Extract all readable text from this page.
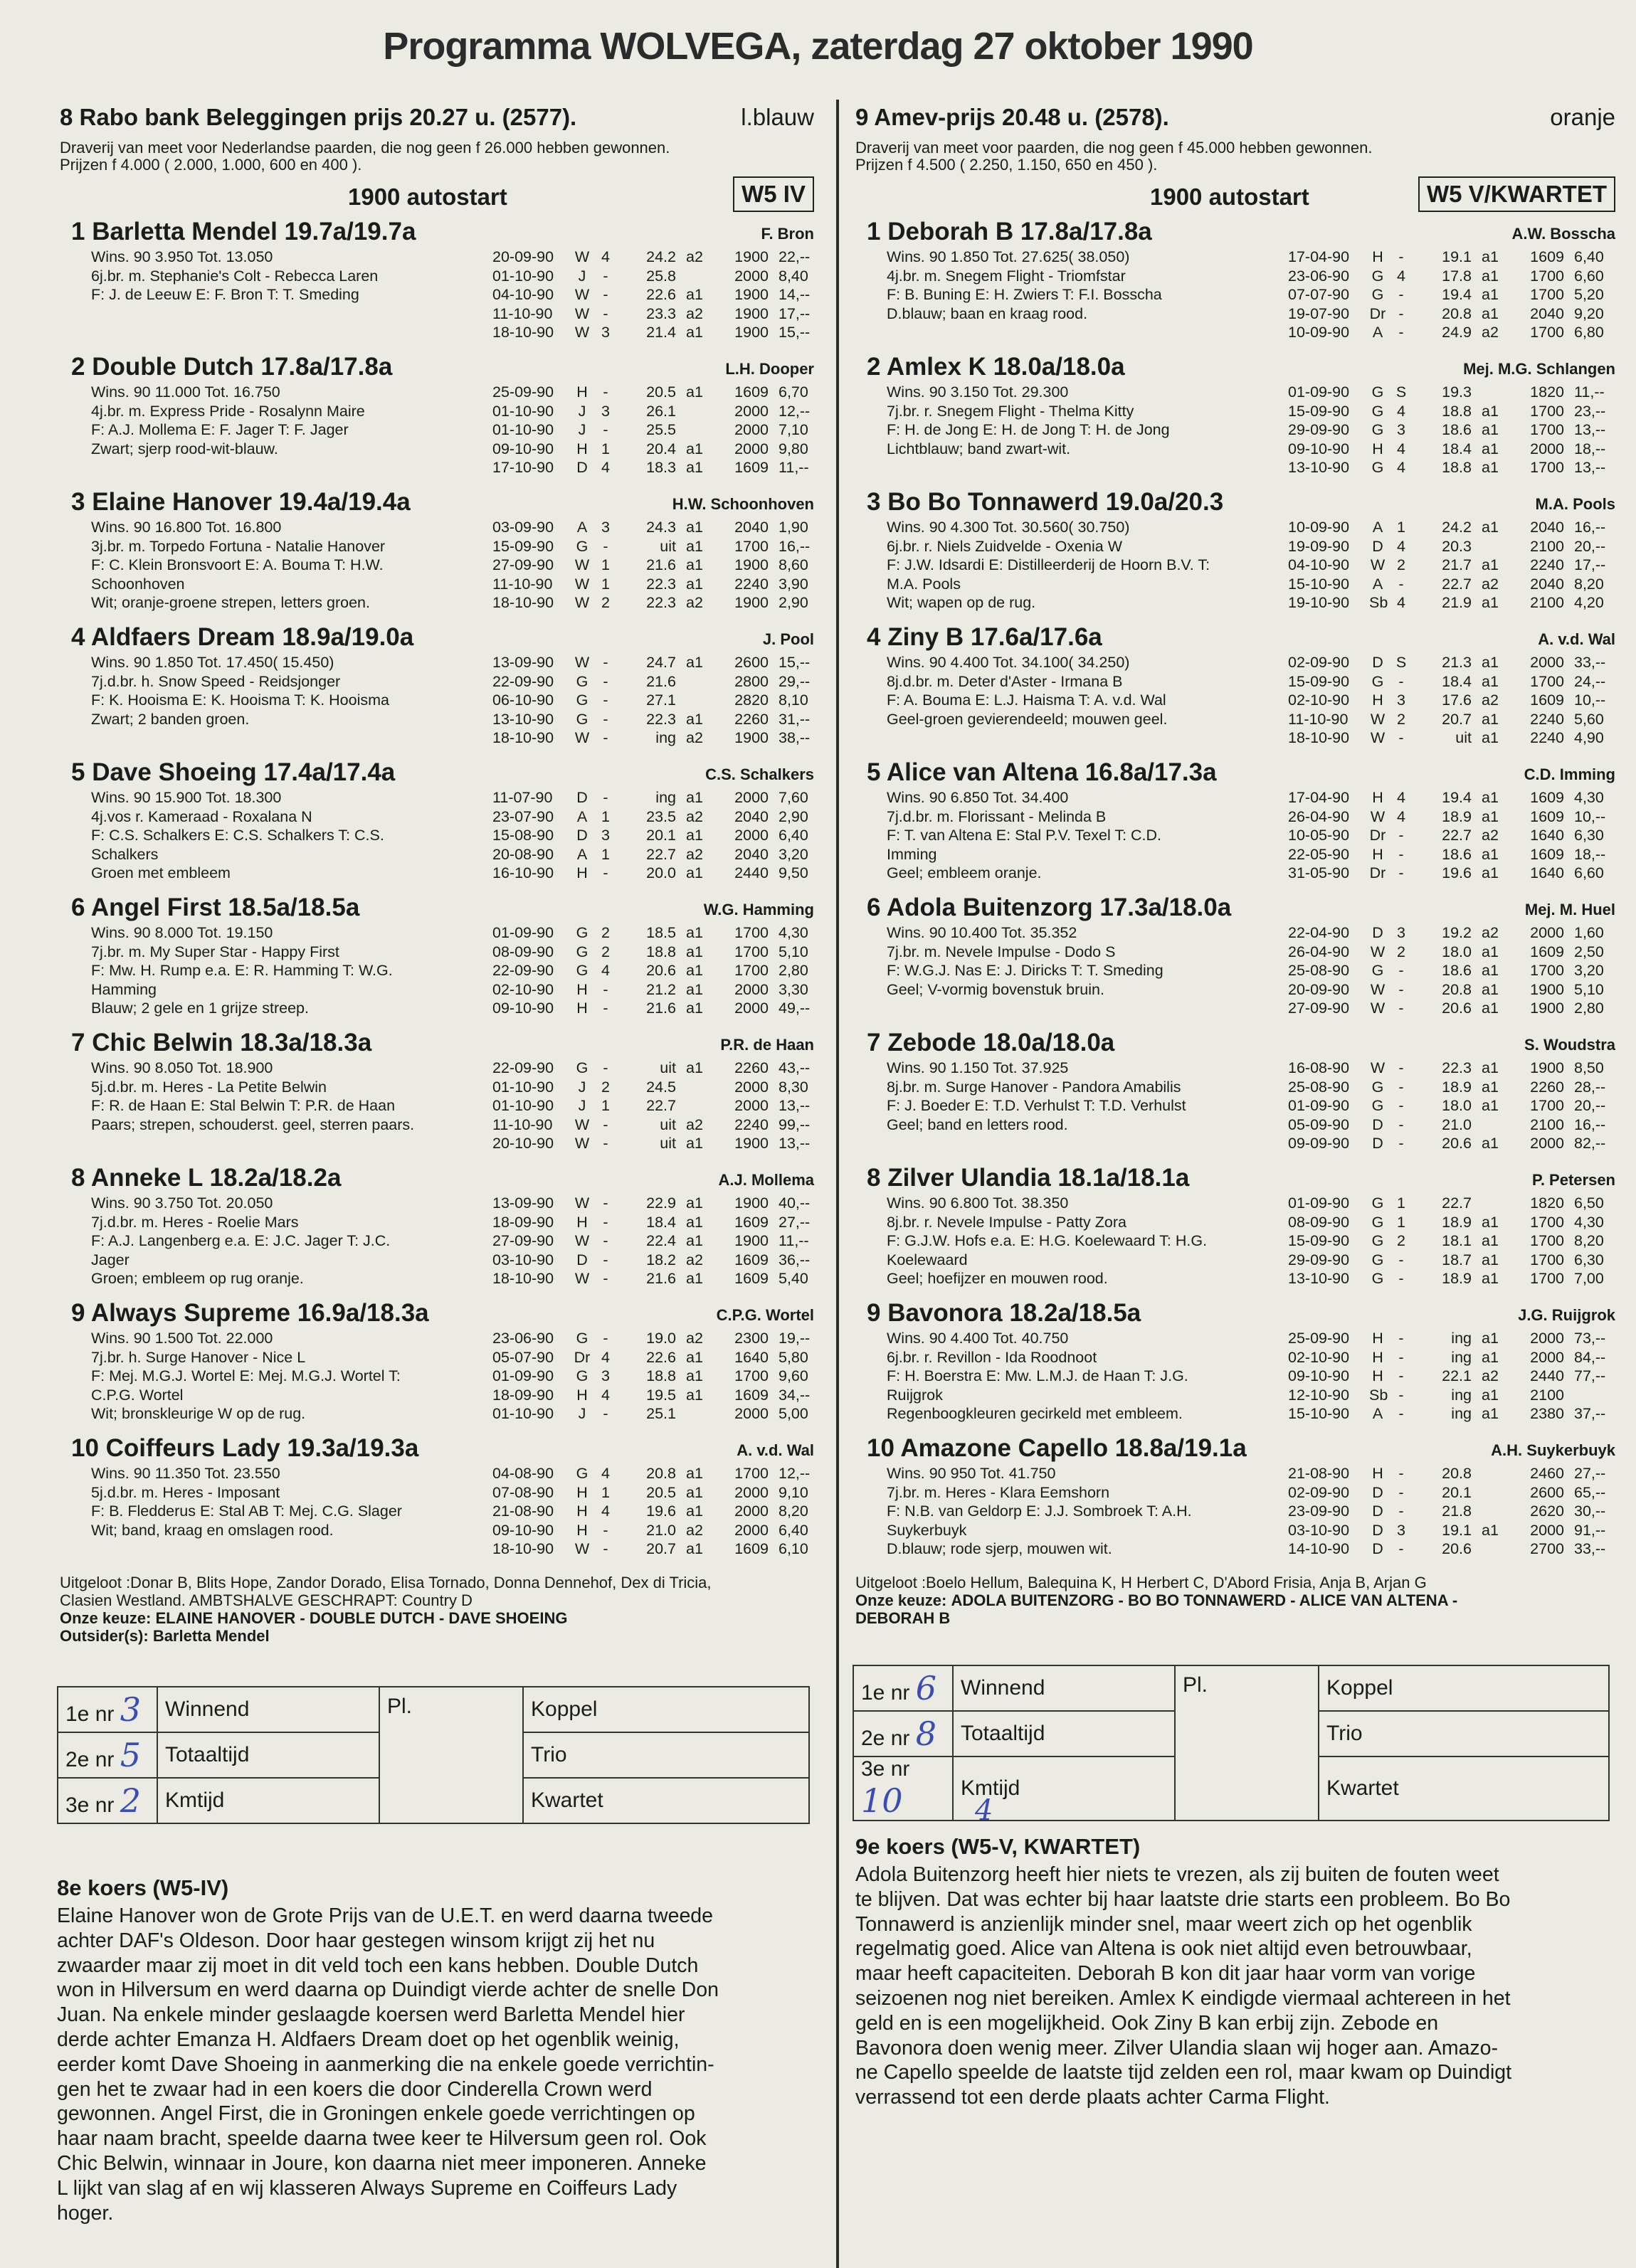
Programma WOLVEGA, zaterdag 27 oktober 1990
8 Rabo bank Beleggingen prijs 20.27 u. (2577).	l.blauw
Draverij van meet voor Nederlandse paarden, die nog geen f 26.000 hebben gewonnen.
Prijzen f 4.000 ( 2.000, 1.000, 600 en 400 ).
1900 autostart	W5 IV
1 Barletta Mendel 19.7a/19.7a	F. Bron
Wins. 90 3.950 Tot. 13.050
6j.br. m. Stephanie's Colt - Rebecca Laren
F: J. de Leeuw E: F. Bron T: T. Smeding
20-09-90 W 4	24.2 a2	1900 22,--
01-10-90	J	-	25.8	2000 8,40
04-10-90 W -	22.6 a1	1900 14,--
11-10-90 W -	23.3 a2	1900 17,--
18-10-90 W 3	21.4 a1	1900 15,--
2 Double Dutch 17.8a/17.8a	L.H. Dooper
Wins. 90 11.000 Tot. 16.750
4j.br. m. Express Pride - Rosalynn Maire
F: A.J. Mollema E: F. Jager T: F. Jager
Zwart; sjerp rood-wit-blauw.
25-09-90 H	-	20.5 a1	1609 6,70
01-10-90	J	3	26.1	2000 12,--
01-10-90	J	-	25.5	2000 7,10
09-10-90 H 1	20.4 a1	2000 9,80
17-10-90 D 4	18.3 a1	1609 11,--
3 Elaine Hanover 19.4a/19.4a	H.W. Schoonhoven
Wins. 90 16.800 Tot. 16.800
3j.br. m. Torpedo Fortuna - Natalie Hanover
F: C. Klein Bronsvoort E: A. Bouma T: H.W.
Schoonhoven
Wit; oranje-groene strepen, letters groen.
03-09-90 A 3	24.3 a1	2040 1,90
15-09-90 G -	uit a1	1700 16,--
27-09-90 W 1	21.6 a1	1900 8,60
11-10-90 W 1	22.3 a1	2240 3,90
18-10-90 W 2	22.3 a2	1900 2,90
4 Aldfaers Dream 18.9a/19.0a	J. Pool
Wins. 90 1.850 Tot. 17.450( 15.450)
7j.d.br. h. Snow Speed - Reidsjonger
F: K. Hooisma E: K. Hooisma T: K. Hooisma
Zwart; 2 banden groen.
13-09-90 W -	24.7 a1	2600 15,--
22-09-90 G -	21.6	2800 29,--
06-10-90 G -	27.1	2820 8,10
13-10-90 G -	22.3 a1	2260 31,--
18-10-90 W -	ing a2	1900 38,--
5 Dave Shoeing 17.4a/17.4a	C.S. Schalkers
Wins. 90 15.900 Tot. 18.300
4j.vos r. Kameraad - Roxalana N
F: C.S. Schalkers E: C.S. Schalkers T: C.S.
Schalkers
Groen met embleem
11-07-90 D	-	ing a1	2000 7,60
23-07-90 A 1	23.5 a2	2040 2,90
15-08-90 D 3	20.1 a1	2000 6,40
20-08-90 A 1	22.7 a2	2040 3,20
16-10-90 H	-	20.0 a1	2440 9,50
6 Angel First 18.5a/18.5a	W.G. Hamming
Wins. 90 8.000 Tot. 19.150
7j.br. m. My Super Star - Happy First
F: Mw. H. Rump e.a. E: R. Hamming T: W.G.
Hamming
Blauw; 2 gele en 1 grijze streep.
01-09-90 G 2	18.5 a1	1700 4,30
08-09-90 G 2	18.8 a1	1700 5,10
22-09-90 G 4	20.6 a1	1700 2,80
02-10-90 H	-	21.2 a1	2000 3,30
09-10-90 H	-	21.6 a1	2000 49,--
7 Chic Belwin 18.3a/18.3a	P.R. de Haan
Wins. 90 8.050 Tot. 18.900
5j.d.br. m. Heres - La Petite Belwin
F: R. de Haan E: Stal Belwin T: P.R. de Haan
Paars; strepen, schouderst. geel, sterren paars.
22-09-90 G -	uit a1	2260 43,--
01-10-90	J	2	24.5	2000 8,30
01-10-90	J	1	22.7	2000 13,--
11-10-90 W -	uit a2	2240 99,--
20-10-90 W -	uit a1	1900 13,--
8 Anneke L 18.2a/18.2a	A.J. Mollema
Wins. 90 3.750 Tot. 20.050
7j.d.br. m. Heres - Roelie Mars
F: A.J. Langenberg e.a. E: J.C. Jager T: J.C.
Jager
Groen; embleem op rug oranje.
13-09-90 W -	22.9 a1	1900 40,--
18-09-90 H	-	18.4 a1	1609 27,--
27-09-90 W -	22.4 a1	1900 11,--
03-10-90 D	-	18.2 a2	1609 36,--
18-10-90 W -	21.6 a1	1609 5,40
9 Always Supreme 16.9a/18.3a	C.P.G. Wortel
Wins. 90 1.500 Tot. 22.000
7j.br. h. Surge Hanover - Nice L
F: Mej. M.G.J. Wortel E: Mej. M.G.J. Wortel T:
C.P.G. Wortel
Wit; bronskleurige W op de rug.
23-06-90 G -	19.0 a2	2300 19,--
05-07-90 Dr 4	22.6 a1	1640 5,80
01-09-90 G 3	18.8 a1	1700 9,60
18-09-90 H 4	19.5 a1	1609 34,--
01-10-90	J	-	25.1	2000 5,00
10 Coiffeurs Lady 19.3a/19.3a	A. v.d. Wal
Wins. 90 11.350 Tot. 23.550
5j.d.br. m. Heres - Imposant
F: B. Fledderus E: Stal AB T: Mej. C.G. Slager
Wit; band, kraag en omslagen rood.
04-08-90 G 4	20.8 a1	1700 12,--
07-08-90 H 1	20.5 a1	2000 9,10
21-08-90 H 4	19.6 a1	2000 8,20
09-10-90 H	-	21.0 a2	2000 6,40
18-10-90 W -	20.7 a1	1609 6,10
Uitgeloot :Donar B, Blits Hope, Zandor Dorado, Elisa Tornado, Donna Dennehof, Dex di Tricia,
Clasien Westland. AMBTSHALVE GESCHRAPT: Country D
Onze keuze: ELAINE HANOVER - DOUBLE DUTCH - DAVE SHOEING
Outsider(s): Barletta Mendel
9 Amev-prijs 20.48 u. (2578).	oranje
Draverij van meet voor paarden, die nog geen f 45.000 hebben gewonnen.
Prijzen f 4.500 ( 2.250, 1.150, 650 en 450 ).
1900 autostart	W5 V/KWARTET
1 Deborah B 17.8a/17.8a	A.W. Bosscha
Wins. 90 1.850 Tot. 27.625( 38.050)
4j.br. m. Snegem Flight - Triomfstar
F: B. Buning E: H. Zwiers T: F.I. Bosscha
D.blauw; baan en kraag rood.
17-04-90 H	-	19.1 a1	1609 6,40
23-06-90 G 4	17.8 a1	1700 6,60
07-07-90 G -	19.4 a1	1700 5,20
19-07-90 Dr -	20.8 a1	2040 9,20
10-09-90 A	-	24.9 a2	1700 6,80
2 Amlex K 18.0a/18.0a	Mej. M.G. Schlangen
Wins. 90 3.150 Tot. 29.300
7j.br. r. Snegem Flight - Thelma Kitty
F: H. de Jong E: H. de Jong T: H. de Jong
Lichtblauw; band zwart-wit.
01-09-90 G S	19.3	1820 11,--
15-09-90 G 4	18.8 a1	1700 23,--
29-09-90 G 3	18.6 a1	1700 13,--
09-10-90 H 4	18.4 a1	2000 18,--
13-10-90 G 4	18.8 a1	1700 13,--
3 Bo Bo Tonnawerd 19.0a/20.3	M.A. Pools
Wins. 90 4.300 Tot. 30.560( 30.750)
6j.br. r. Niels Zuidvelde - Oxenia W
F: J.W. Idsardi E: Distilleerderij de Hoorn B.V. T:
M.A. Pools
Wit; wapen op de rug.
10-09-90 A 1	24.2 a1	2040 16,--
19-09-90 D 4	20.3	2100 20,--
04-10-90 W 2	21.7 a1	2240 17,--
15-10-90 A	-	22.7 a2	2040 8,20
19-10-90 Sb 4	21.9 a1	2100 4,20
4 Ziny B 17.6a/17.6a	A. v.d. Wal
Wins. 90 4.400 Tot. 34.100( 34.250)
8j.d.br. m. Deter d'Aster - Irmana B
F: A. Bouma E: L.J. Haisma T: A. v.d. Wal
Geel-groen gevierendeeld; mouwen geel.
02-09-90 D S	21.3 a1	2000 33,--
15-09-90 G -	18.4 a1	1700 24,--
02-10-90 H 3	17.6 a2	1609 10,--
11-10-90 W 2	20.7 a1	2240 5,60
18-10-90 W -	uit a1	2240 4,90
5 Alice van Altena 16.8a/17.3a	C.D. Imming
Wins. 90 6.850 Tot. 34.400
7j.d.br. m. Florissant - Melinda B
F: T. van Altena E: Stal P.V. Texel T: C.D.
Imming
Geel; embleem oranje.
17-04-90 H 4	19.4 a1	1609 4,30
26-04-90 W 4	18.9 a1	1609 10,--
10-05-90 Dr -	22.7 a2	1640 6,30
22-05-90 H	-	18.6 a1	1609 18,--
31-05-90 Dr -	19.6 a1	1640 6,60
6 Adola Buitenzorg 17.3a/18.0a	Mej. M. Huel
Wins. 90 10.400 Tot. 35.352
7j.br. m. Nevele Impulse - Dodo S
F: W.G.J. Nas E: J. Diricks T: T. Smeding
Geel; V-vormig bovenstuk bruin.
22-04-90 D 3	19.2 a2	2000 1,60
26-04-90 W 2	18.0 a1	1609 2,50
25-08-90 G -	18.6 a1	1700 3,20
20-09-90 W -	20.8 a1	1900 5,10
27-09-90 W -	20.6 a1	1900 2,80
7 Zebode 18.0a/18.0a	S. Woudstra
Wins. 90 1.150 Tot. 37.925
8j.br. m. Surge Hanover - Pandora Amabilis
F: J. Boeder E: T.D. Verhulst T: T.D. Verhulst
Geel; band en letters rood.
16-08-90 W -	22.3 a1	1900 8,50
25-08-90 G -	18.9 a1	2260 28,--
01-09-90 G -	18.0 a1	1700 20,--
05-09-90 D	-	21.0	2100 16,--
09-09-90 D	-	20.6 a1	2000 82,--
8 Zilver Ulandia 18.1a/18.1a	P. Petersen
Wins. 90 6.800 Tot. 38.350
8j.br. r. Nevele Impulse - Patty Zora
F: G.J.W. Hofs e.a. E: H.G. Koelewaard T: H.G.
Koelewaard
Geel; hoefijzer en mouwen rood.
01-09-90 G 1	22.7	1820 6,50
08-09-90 G 1	18.9 a1	1700 4,30
15-09-90 G 2	18.1 a1	1700 8,20
29-09-90 G -	18.7 a1	1700 6,30
13-10-90 G -	18.9 a1	1700 7,00
9 Bavonora 18.2a/18.5a	J.G. Ruijgrok
Wins. 90 4.400 Tot. 40.750
6j.br. r. Revillon - Ida Roodnoot
F: H. Boerstra E: Mw. L.M.J. de Haan T: J.G.
Ruijgrok
Regenboogkleuren gecirkeld met embleem.
25-09-90 H	-	ing a1	2000 73,--
02-10-90 H	-	ing a1	2000 84,--
09-10-90 H	-	22.1 a2	2440 77,--
12-10-90 Sb -	ing a1	2100
15-10-90 A	-	ing a1	2380 37,--
10 Amazone Capello 18.8a/19.1a	A.H. Suykerbuyk
Wins. 90 950 Tot. 41.750
7j.br. m. Heres - Klara Eemshorn
F: N.B. van Geldorp E: J.J. Sombroek T: A.H.
Suykerbuyk
D.blauw; rode sjerp, mouwen wit.
21-08-90 H	-	20.8	2460 27,--
02-09-90 D	-	20.1	2600 65,--
23-09-90 D	-	21.8	2620 30,--
03-10-90 D 3	19.1 a1	2000 91,--
14-10-90 D	-	20.6	2700 33,--
Uitgeloot :Boelo Hellum, Balequina K, H Herbert C, D'Abord Frisia, Anja B, Arjan G
Onze keuze: ADOLA BUITENZORG - BO BO TONNAWERD - ALICE VAN ALTENA -
DEBORAH B
1e nr 3	Winnend	Pl.	Koppel
2e nr 5	Totaaltijd		Trio
3e nr 2	Kmtijd		Kwartet
1e nr 6	Winnend	Pl.	Koppel
2e nr 8	Totaaltijd		Trio
3e nr 10	Kmtijd		Kwartet
4
8e koers (W5-IV)
Elaine Hanover won de Grote Prijs van de U.E.T. en werd daarna tweede
achter DAF's Oldeson. Door haar gestegen winsom krijgt zij het nu
zwaarder maar zij moet in dit veld toch een kans hebben. Double Dutch
won in Hilversum en werd daarna op Duindigt vierde achter de snelle Don
Juan. Na enkele minder geslaagde koersen werd Barletta Mendel hier
derde achter Emanza H. Aldfaers Dream doet op het ogenblik weinig,
eerder komt Dave Shoeing in aanmerking die na enkele goede verrichtin-
gen het te zwaar had in een koers die door Cinderella Crown werd
gewonnen. Angel First, die in Groningen enkele goede verrichtingen op
haar naam bracht, speelde daarna twee keer te Hilversum geen rol. Ook
Chic Belwin, winnaar in Joure, kon daarna niet meer imponeren. Anneke
L lijkt van slag af en wij klasseren Always Supreme en Coiffeurs Lady
hoger.
9e koers (W5-V, KWARTET)
Adola Buitenzorg heeft hier niets te vrezen, als zij buiten de fouten weet
te blijven. Dat was echter bij haar laatste drie starts een probleem. Bo Bo
Tonnawerd is anzienlijk minder snel, maar weert zich op het ogenblik
regelmatig goed. Alice van Altena is ook niet altijd even betrouwbaar,
maar heeft capaciteiten. Deborah B kon dit jaar haar vorm van vorige
seizoenen nog niet bereiken. Amlex K eindigde viermaal achtereen in het
geld en is een mogelijkheid. Ook Ziny B kan erbij zijn. Zebode en
Bavonora doen wenig meer. Zilver Ulandia slaan wij hoger aan. Amazo-
ne Capello speelde de laatste tijd zelden een rol, maar kwam op Duindigt
verrassend tot een derde plaats achter Carma Flight.
